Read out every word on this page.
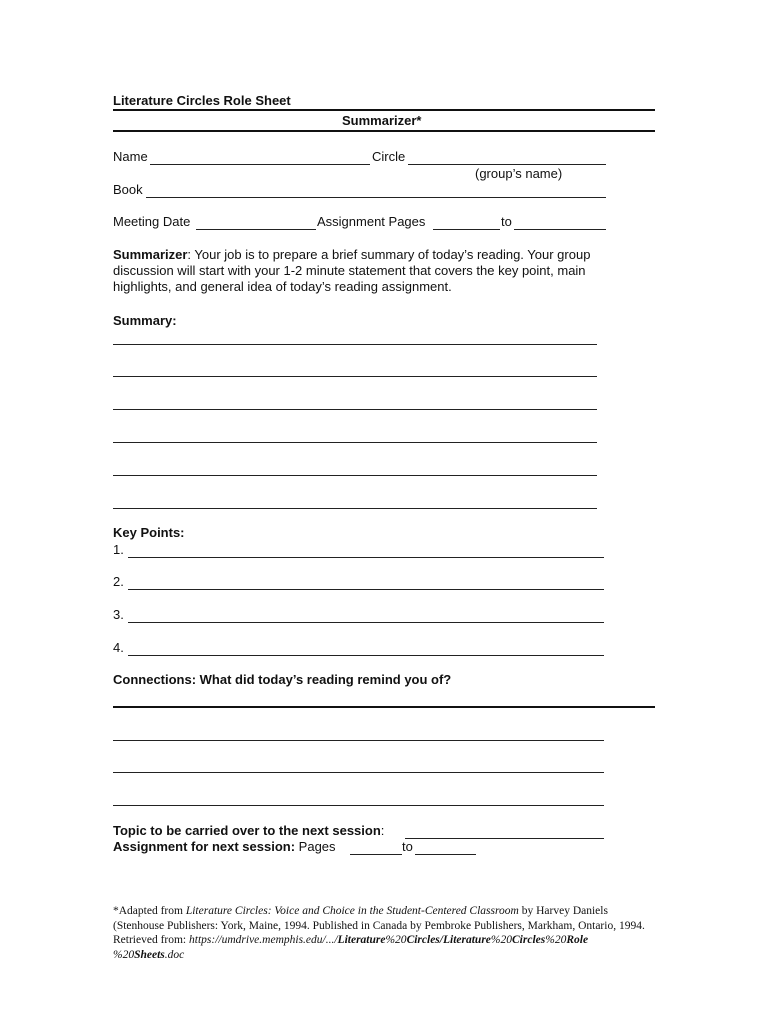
Literature Circles Role Sheet
Summarizer*
Name	Circle
(group’s name)
Book
Meeting Date	Assignment Pages	to
Summarizer: Your job is to prepare a brief summary of today’s reading. Your group discussion will start with your 1-2 minute statement that covers the key point, main highlights, and general idea of today’s reading assignment.
Summary:
Key Points:
1.
2.
3.
4.
Connections: What did today’s reading remind you of?
Topic to be carried over to the next session:
Assignment for next session: Pages	to
*Adapted from Literature Circles: Voice and Choice in the Student-Centered Classroom by Harvey Daniels (Stenhouse Publishers: York, Maine, 1994. Published in Canada by Pembroke Publishers, Markham, Ontario, 1994.
Retrieved from: https://umdrive.memphis.edu/.../Literature%20Circles/Literature%20Circles%20Role %20Sheets.doc
